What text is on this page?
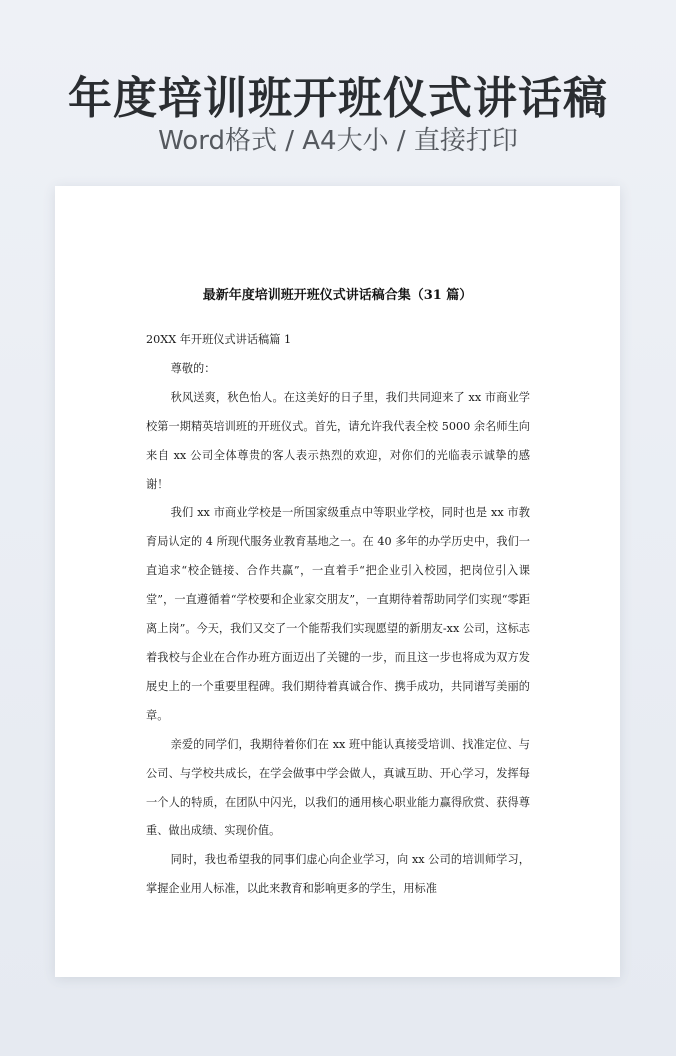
年度培训班开班仪式讲话稿
Word格式 / A4大小 / 直接打印
最新年度培训班开班仪式讲话稿合集（31 篇）

20XX 年开班仪式讲话稿篇 1

尊敬的：

秋风送爽，秋色怡人。在这美好的日子里，我们共同迎来了 xx 市商业学校第一期精英培训班的开班仪式。首先，请允许我代表全校 5000 余名师生向来自 xx 公司全体尊贵的客人表示热烈的欢迎，对你们的光临表示诚挚的感谢！

我们 xx 市商业学校是一所国家级重点中等职业学校，同时也是 xx 市教育局认定的 4 所现代服务业教育基地之一。在 40 多年的办学历史中，我们一直追求“校企链接、合作共赢”，一直着手“把企业引入校园，把岗位引入课堂”，一直遵循着“学校要和企业家交朋友”，一直期待着帮助同学们实现“零距离上岗”。今天，我们又交了一个能帮我们实现愿望的新朋友-xx 公司，这标志着我校与企业在合作办班方面迈出了关键的一步，而且这一步也将成为双方发展史上的一个重要里程碑。我们期待着真诚合作、携手成功，共同谱写美丽的章。

亲爱的同学们，我期待着你们在 xx 班中能认真接受培训、找准定位、与公司、与学校共成长，在学会做事中学会做人，真诚互助、开心学习，发挥每一个人的特质，在团队中闪光，以我们的通用核心职业能力赢得欣赏、获得尊重、做出成绩、实现价值。

同时，我也希望我的同事们虚心向企业学习，向 xx 公司的培训师学习，掌握企业用人标准，以此来教育和影响更多的学生，用标准
